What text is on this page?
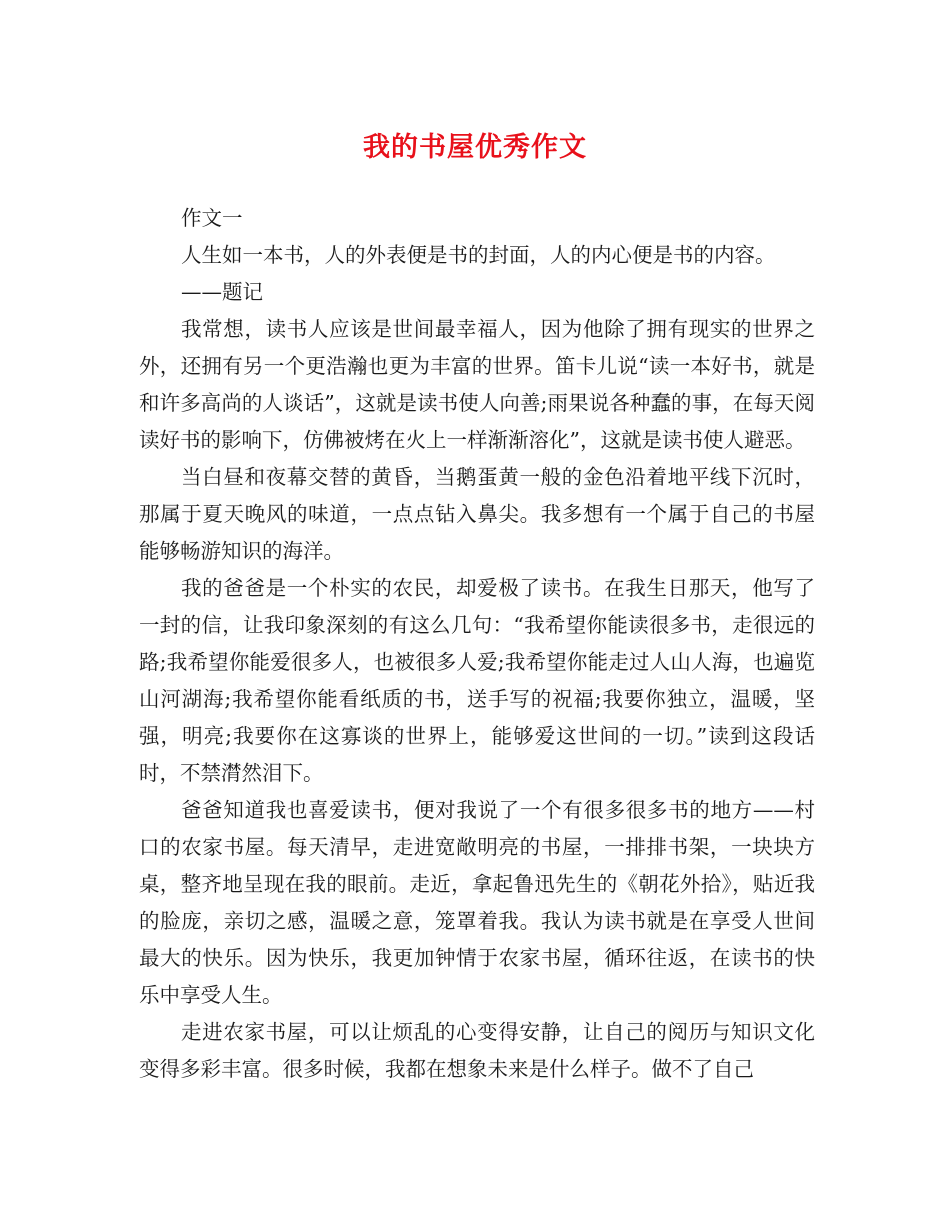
我的书屋优秀作文

作文一

人生如一本书，人的外表便是书的封面，人的内心便是书的内容。

——题记

我常想，读书人应该是世间最幸福人，因为他除了拥有现实的世界之外，还拥有另一个更浩瀚也更为丰富的世界。笛卡儿说“读一本好书，就是和许多高尚的人谈话”，这就是读书使人向善;雨果说各种蠢的事，在每天阅读好书的影响下，仿佛被烤在火上一样渐渐溶化”，这就是读书使人避恶。

当白昼和夜幕交替的黄昏，当鹅蛋黄一般的金色沿着地平线下沉时，那属于夏天晚风的味道，一点点钻入鼻尖。我多想有一个属于自己的书屋能够畅游知识的海洋。

我的爸爸是一个朴实的农民，却爱极了读书。在我生日那天，他写了一封的信，让我印象深刻的有这么几句：“我希望你能读很多书，走很远的路;我希望你能爱很多人，也被很多人爱;我希望你能走过人山人海，也遍览山河湖海;我希望你能看纸质的书，送手写的祝福;我要你独立，温暖，坚强，明亮;我要你在这寡谈的世界上，能够爱这世间的一切。”读到这段话时，不禁潸然泪下。

爸爸知道我也喜爱读书，便对我说了一个有很多很多书的地方——村口的农家书屋。每天清早，走进宽敞明亮的书屋，一排排书架，一块块方桌，整齐地呈现在我的眼前。走近，拿起鲁迅先生的《朝花外拾》，贴近我的脸庞，亲切之感，温暖之意，笼罩着我。我认为读书就是在享受人世间最大的快乐。因为快乐，我更加钟情于农家书屋，循环往返，在读书的快乐中享受人生。

走进农家书屋，可以让烦乱的心变得安静，让自己的阅历与知识文化变得多彩丰富。很多时候，我都在想象未来是什么样子。做不了自己
